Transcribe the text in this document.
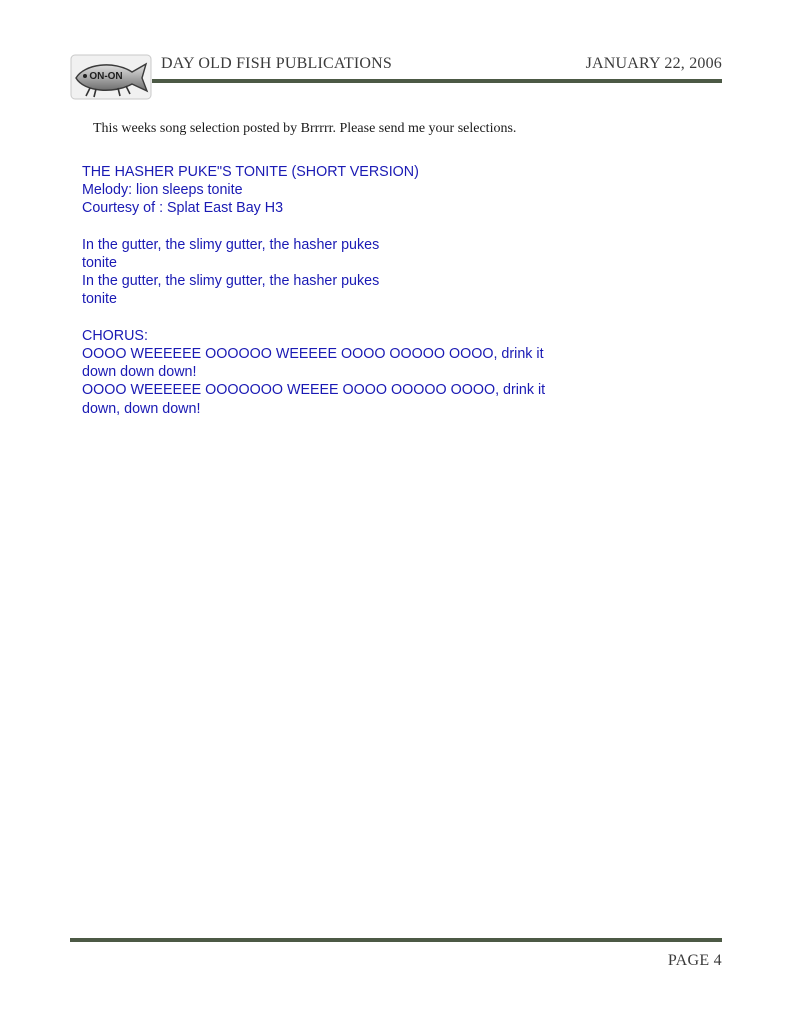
ON-ON
DAY OLD FISH PUBLICATIONS	JANUARY 22, 2006
This weeks song selection posted by Brrrrr. Please send me your selections.
THE HASHER PUKE"S TONITE (SHORT VERSION)
Melody: lion sleeps tonite
Courtesy of : Splat East Bay H3
In the gutter, the slimy gutter, the hasher pukes
tonite
In the gutter, the slimy gutter, the hasher pukes
tonite
CHORUS:
OOOO WEEEEEE OOOOOO WEEEEE OOOO OOOOO OOOO, drink it
down down down!
OOOO WEEEEEE OOOOOOO WEEEE OOOO OOOOO OOOO, drink it
down, down down!
PAGE 4
